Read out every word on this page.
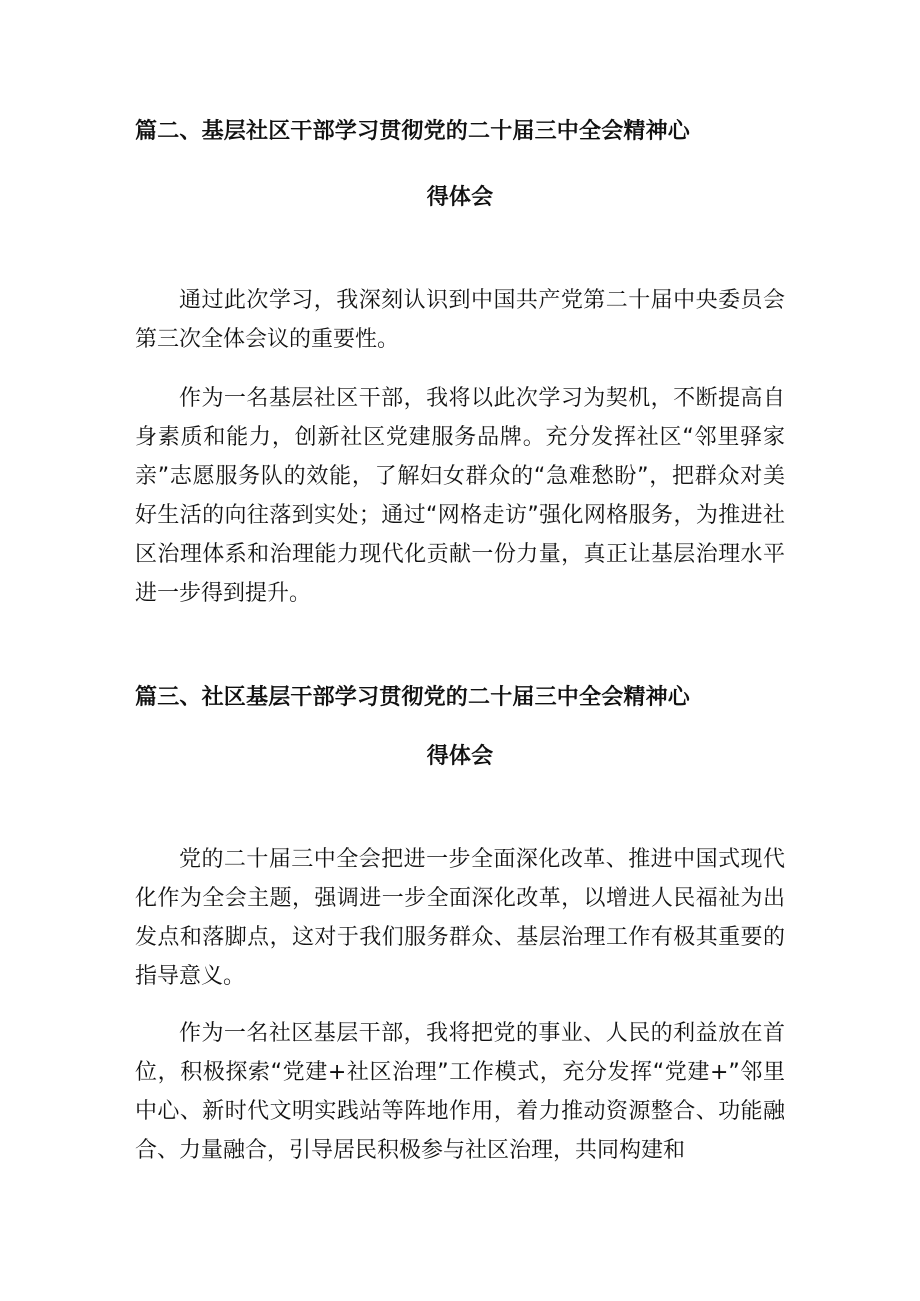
篇二、基层社区干部学习贯彻党的二十届三中全会精神心
得体会

通过此次学习，我深刻认识到中国共产党第二十届中央委员会第三次全体会议的重要性。

作为一名基层社区干部，我将以此次学习为契机，不断提高自身素质和能力，创新社区党建服务品牌。充分发挥社区“邻里驿家亲”志愿服务队的效能，了解妇女群众的“急难愁盼”，把群众对美好生活的向往落到实处；通过“网格走访”强化网格服务，为推进社区治理体系和治理能力现代化贡献一份力量，真正让基层治理水平进一步得到提升。

篇三、社区基层干部学习贯彻党的二十届三中全会精神心
得体会

党的二十届三中全会把进一步全面深化改革、推进中国式现代化作为全会主题，强调进一步全面深化改革，以增进人民福祉为出发点和落脚点，这对于我们服务群众、基层治理工作有极其重要的指导意义。

作为一名社区基层干部，我将把党的事业、人民的利益放在首位，积极探索“党建+社区治理”工作模式，充分发挥“党建+”邻里中心、新时代文明实践站等阵地作用，着力推动资源整合、功能融合、力量融合，引导居民积极参与社区治理，共同构建和
